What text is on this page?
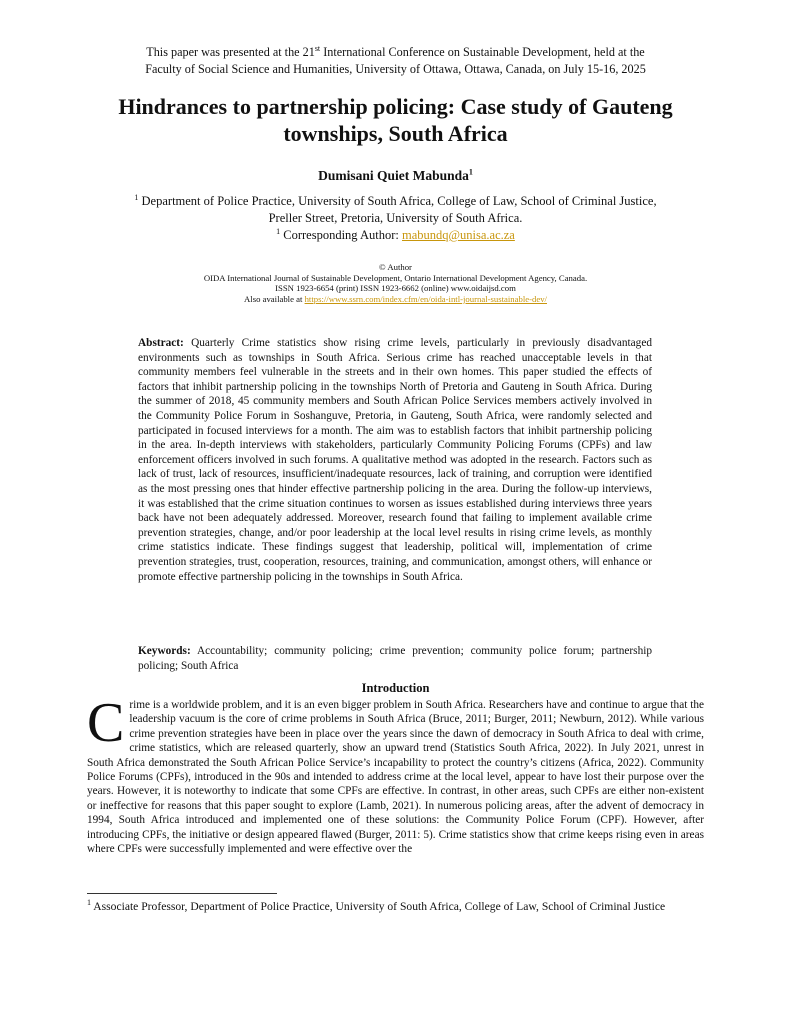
This paper was presented at the 21st International Conference on Sustainable Development, held at the
Faculty of Social Science and Humanities, University of Ottawa, Ottawa, Canada, on July 15-16, 2025
Hindrances to partnership policing: Case study of Gauteng
townships, South Africa
Dumisani Quiet Mabunda$^1$
$^1$ Department of Police Practice, University of South Africa, College of Law, School of Criminal Justice,
Preller Street, Pretoria, University of South Africa.
$^1$ Corresponding Author: mabundq@unisa.ac.za
© Author
OIDA International Journal of Sustainable Development, Ontario International Development Agency, Canada.
ISSN 1923-6654 (print) ISSN 1923-6662 (online) www.oidaijsd.com
Also available at https://www.ssrn.com/index.cfm/en/oida-intl-journal-sustainable-dev/
Abstract: Quarterly Crime statistics show rising crime levels, particularly in previously disadvantaged environments such as townships in South Africa. Serious crime has reached unacceptable levels in that community members feel vulnerable in the streets and in their own homes. This paper studied the effects of factors that inhibit partnership policing in the townships North of Pretoria and Gauteng in South Africa. During the summer of 2018, 45 community members and South African Police Services members actively involved in the Community Police Forum in Soshanguve, Pretoria, in Gauteng, South Africa, were randomly selected and participated in focused interviews for a month. The aim was to establish factors that inhibit partnership policing in the area. In-depth interviews with stakeholders, particularly Community Policing Forums (CPFs) and law enforcement officers involved in such forums. A qualitative method was adopted in the research. Factors such as lack of trust, lack of resources, insufficient/inadequate resources, lack of training, and corruption were identified as the most pressing ones that hinder effective partnership policing in the area. During the follow-up interviews, it was established that the crime situation continues to worsen as issues established during interviews three years back have not been adequately addressed. Moreover, research found that failing to implement available crime prevention strategies, change, and/or poor leadership at the local level results in rising crime levels, as monthly crime statistics indicate. These findings suggest that leadership, political will, implementation of crime prevention strategies, trust, cooperation, resources, training, and communication, amongst others, will enhance or promote effective partnership policing in the townships in South Africa.
Keywords: Accountability; community policing; crime prevention; community police forum; partnership policing; South Africa
Introduction
Crime is a worldwide problem, and it is an even bigger problem in South Africa. Researchers have and continue to argue that the leadership vacuum is the core of crime problems in South Africa (Bruce, 2011; Burger, 2011; Newburn, 2012). While various crime prevention strategies have been in place over the years since the dawn of democracy in South Africa to deal with crime, crime statistics, which are released quarterly, show an upward trend (Statistics South Africa, 2022). In July 2021, unrest in South Africa demonstrated the South African Police Service’s incapability to protect the country’s citizens (Africa, 2022). Community Police Forums (CPFs), introduced in the 90s and intended to address crime at the local level, appear to have lost their purpose over the years. However, it is noteworthy to indicate that some CPFs are effective. In contrast, in other areas, such CPFs are either non-existent or ineffective for reasons that this paper sought to explore (Lamb, 2021). In numerous policing areas, after the advent of democracy in 1994, South Africa introduced and implemented one of these solutions: the Community Police Forum (CPF). However, after introducing CPFs, the initiative or design appeared flawed (Burger, 2011: 5). Crime statistics show that crime keeps rising even in areas where CPFs were successfully implemented and were effective over the
$^1$ Associate Professor, Department of Police Practice, University of South Africa, College of Law, School of Criminal Justice
